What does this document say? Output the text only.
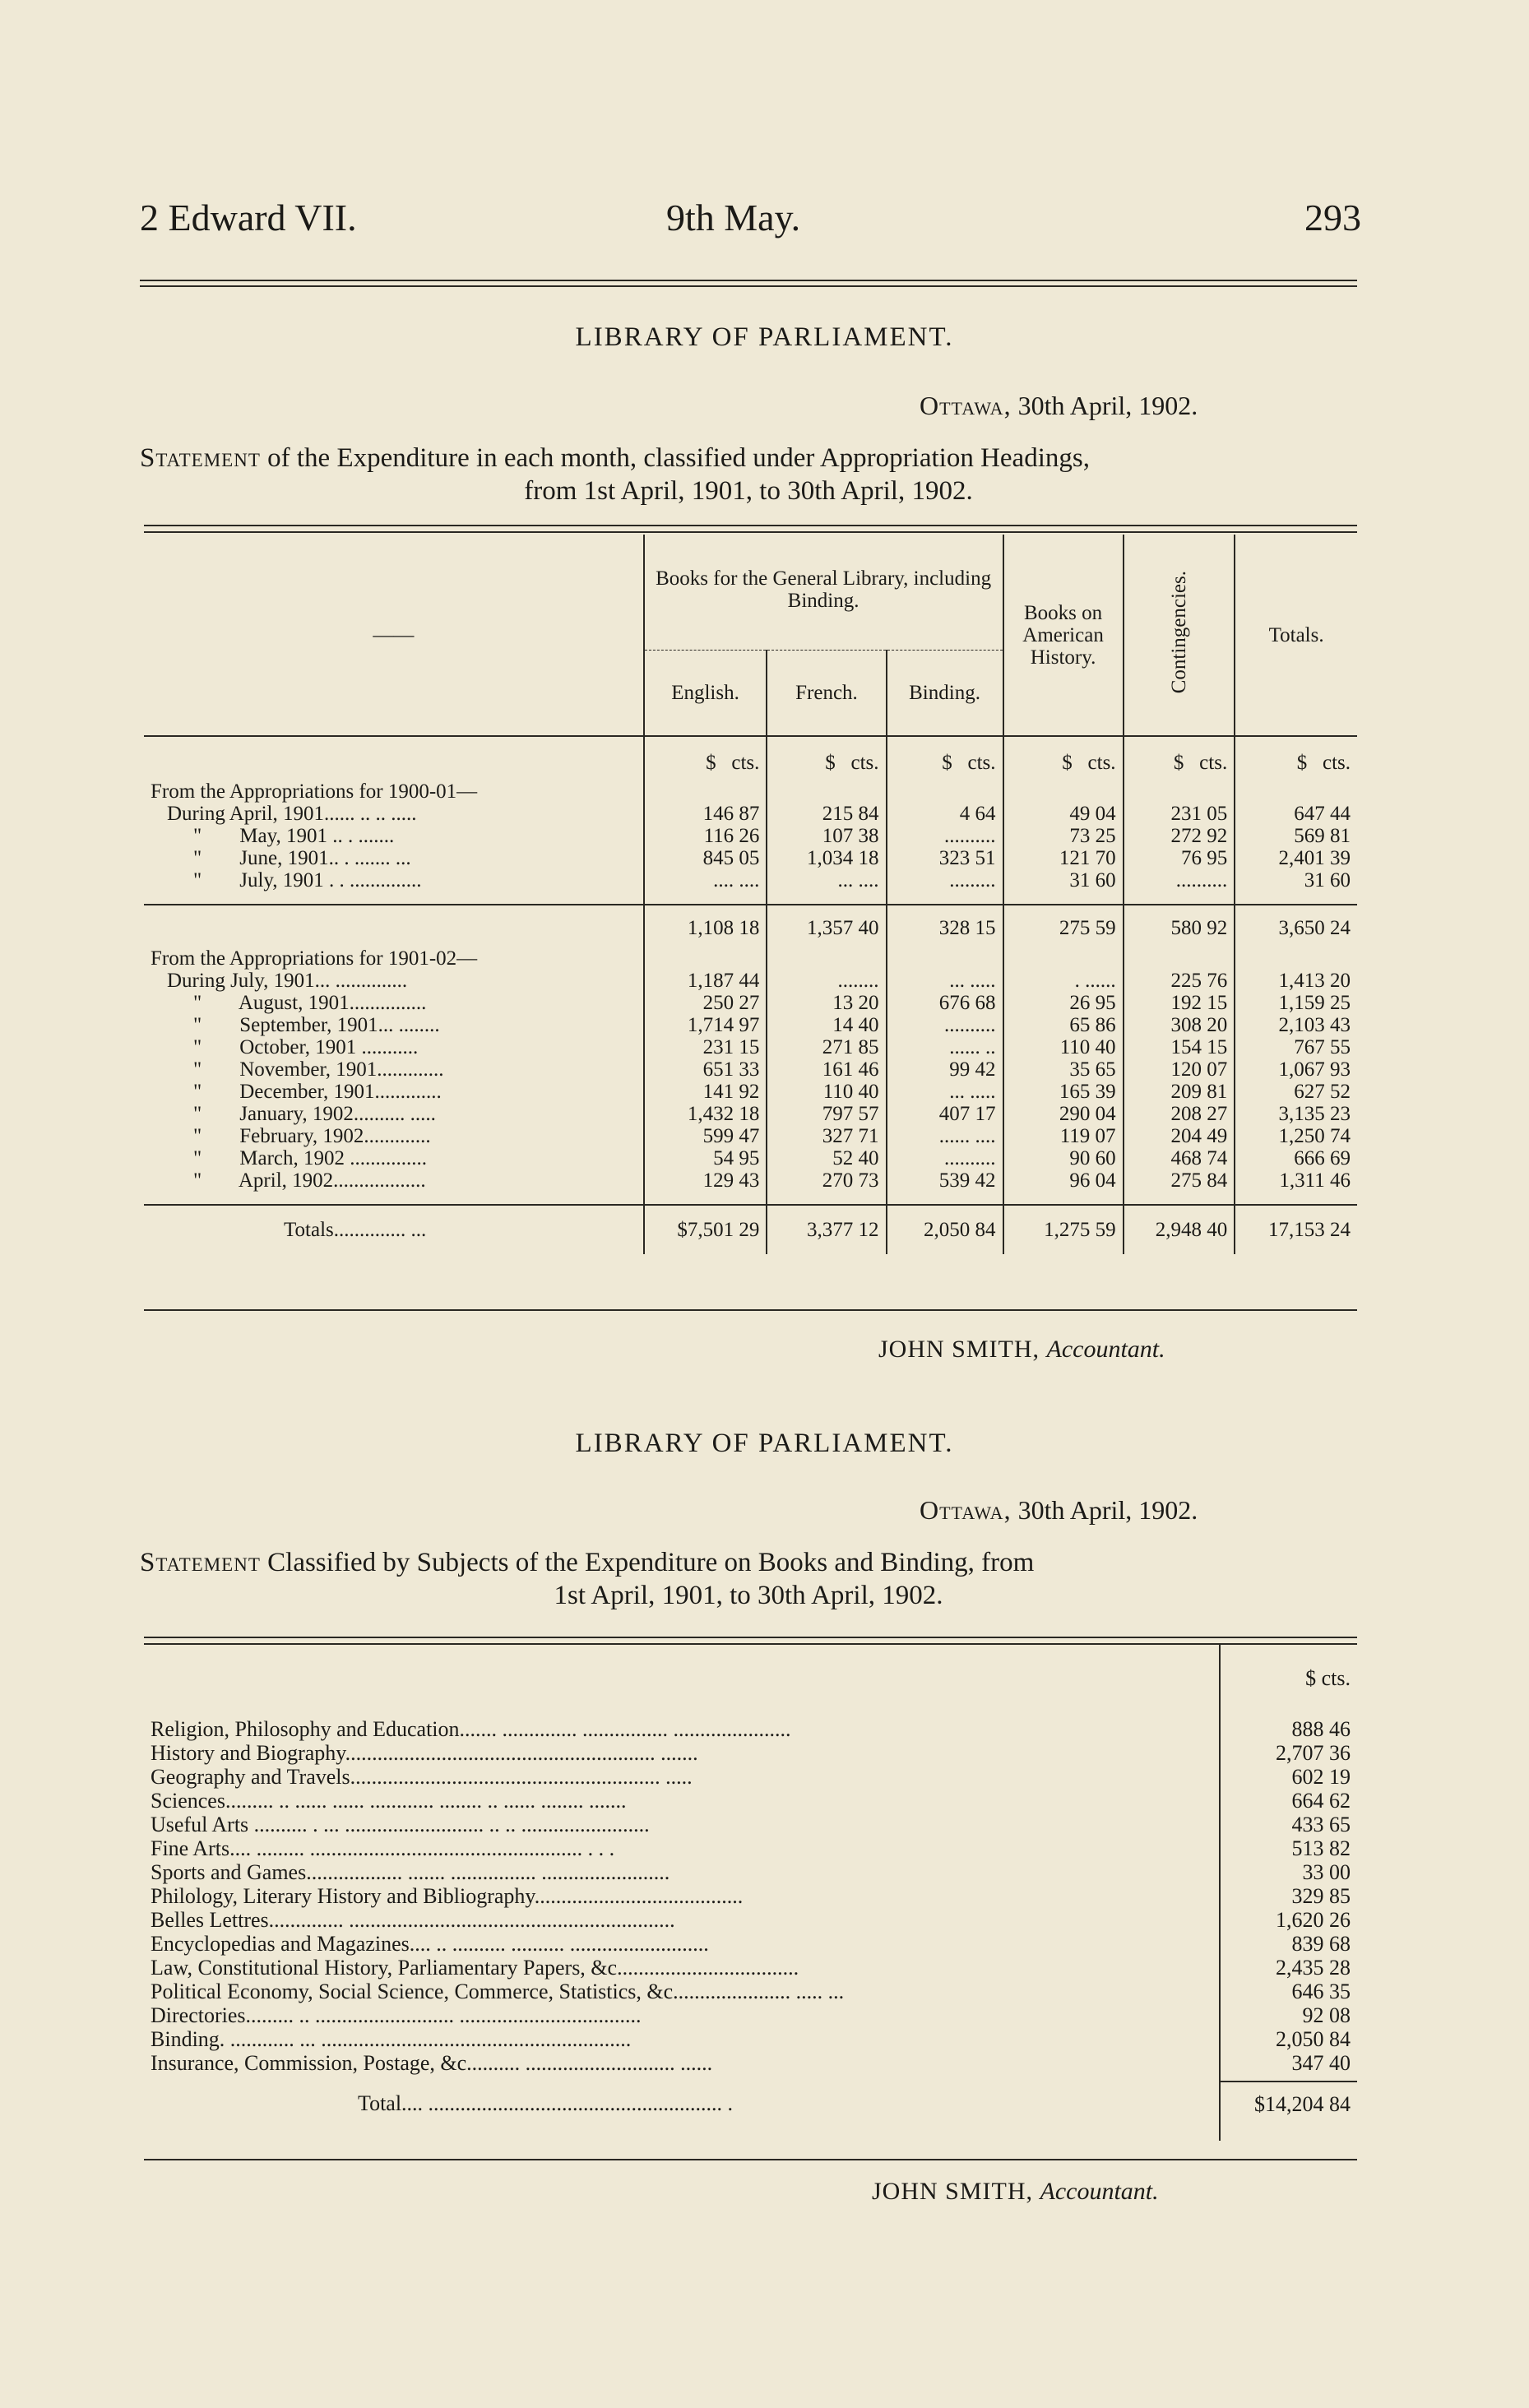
2 Edward VII.	9th May.	293
LIBRARY OF PARLIAMENT.
Ottawa, 30th April, 1902.

Statement of the Expenditure in each month, classified under Appropriation Headings,

from 1st April, 1901, to 30th April, 1902.

——	Books for the General Library, including Binding.			Books on American History.	Contingencies.	Totals.
	English.	French.	Binding.			
	$ cts.	$ cts.	$ cts.	$ cts.	$ cts.	$ cts.
From the Appropriations for 1900-01—						
During April, 1901...... .. .. .....	146 87	215 84	4 64	49 04	231 05	647 44
" May, 1901 .. . .......	116 26	107 38	..........	73 25	272 92	569 81
" June, 1901.. . ....... ...	845 05	1,034 18	323 51	121 70	76 95	2,401 39
" July, 1901 . . ..............	.... ....	... ....	.........	31 60	..........	31 60

	1,108 18	1,357 40	328 15	275 59	580 92	3,650 24
From the Appropriations for 1901-02—						
During July, 1901... ..............	1,187 44	........	... .....	. ......	225 76	1,413 20
" August, 1901...............	250 27	13 20	676 68	26 95	192 15	1,159 25
" September, 1901... ........	1,714 97	14 40	..........	65 86	308 20	2,103 43
" October, 1901 ...........	231 15	271 85	...... ..	110 40	154 15	767 55
" November, 1901.............	651 33	161 46	99 42	35 65	120 07	1,067 93
" December, 1901.............	141 92	110 40	... .....	165 39	209 81	627 52
" January, 1902.......... .....	1,432 18	797 57	407 17	290 04	208 27	3,135 23
" February, 1902.............	599 47	327 71	...... ....	119 07	204 49	1,250 74
" March, 1902 ...............	54 95	52 40	..........	90 60	468 74	666 69
" April, 1902..................	129 43	270 73	539 42	96 04	275 84	1,311 46

Totals.............. ...	$7,501 29	3,377 12	2,050 84	1,275 59	2,948 40	17,153 24
JOHN SMITH, Accountant.
LIBRARY OF PARLIAMENT.
Ottawa, 30th April, 1902.

Statement Classified by Subjects of the Expenditure on Books and Binding, from

1st April, 1901, to 30th April, 1902.

	$ cts.
Religion, Philosophy and Education....... .............. ................ ......................	888 46
History and Biography.......................................................... .......	2,707 36
Geography and Travels.......................................................... .....	602 19
Sciences......... .. ...... ...... ............ ........ .. ...... ........ .......	664 62
Useful Arts .......... . ... .......................... .. .. ........................	433 65
Fine Arts.... ......... ................................................... . . .	513 82
Sports and Games.................. ....... ................ ........................	33 00
Philology, Literary History and Bibliography.......................................	329 85
Belles Lettres.............. .............................................................	1,620 26
Encyclopedias and Magazines.... .. .......... .......... ..........................	839 68
Law, Constitutional History, Parliamentary Papers, &c..................................	2,435 28
Political Economy, Social Science, Commerce, Statistics, &c...................... ..... ...	646 35
Directories......... .. .......................... ..................................	92 08
Binding. ............ ... ..........................................................	2,050 84
Insurance, Commission, Postage, &c.......... ............................ ......	347 40

Total.... ....................................................... .	$14,204 84

JOHN SMITH, Accountant.
